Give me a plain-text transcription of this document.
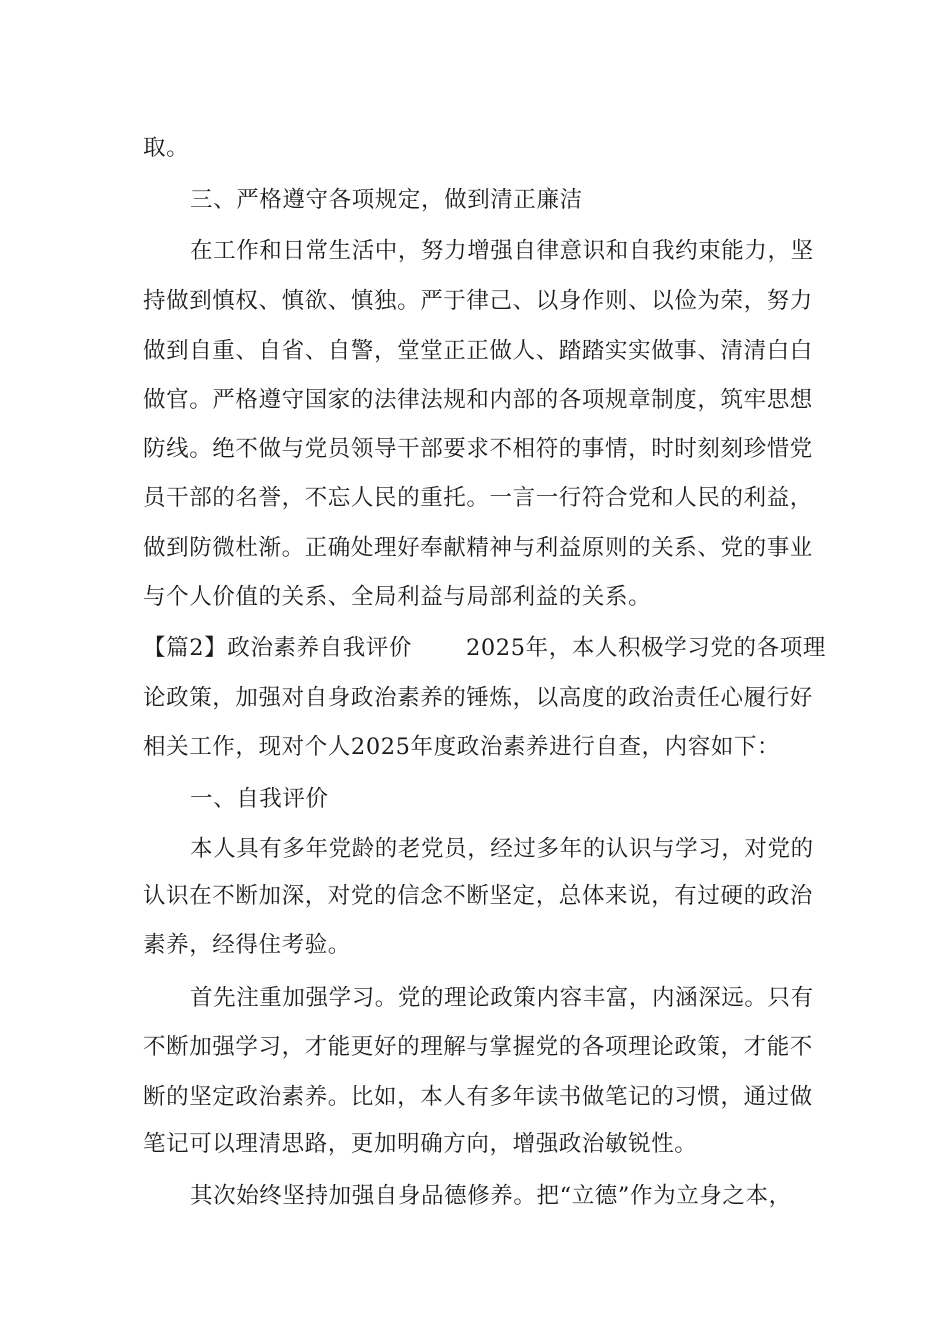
取。
三、严格遵守各项规定，做到清正廉洁
在工作和日常生活中，努力增强自律意识和自我约束能力，坚
持做到慎权、慎欲、慎独。严于律己、以身作则、以俭为荣，努力
做到自重、自省、自警，堂堂正正做人、踏踏实实做事、清清白白
做官。严格遵守国家的法律法规和内部的各项规章制度，筑牢思想
防线。绝不做与党员领导干部要求不相符的事情，时时刻刻珍惜党
员干部的名誉，不忘人民的重托。一言一行符合党和人民的利益，
做到防微杜渐。正确处理好奉献精神与利益原则的关系、党的事业
与个人价值的关系、全局利益与局部利益的关系。
【篇2】政治素养自我评价　　 2025年，本人积极学习党的各项理
论政策，加强对自身政治素养的锤炼，以高度的政治责任心履行好
相关工作，现对个人2025年度政治素养进行自查，内容如下：
一、自我评价
本人具有多年党龄的老党员，经过多年的认识与学习，对党的
认识在不断加深，对党的信念不断坚定，总体来说，有过硬的政治
素养，经得住考验。
首先注重加强学习。党的理论政策内容丰富，内涵深远。只有
不断加强学习，才能更好的理解与掌握党的各项理论政策，才能不
断的坚定政治素养。比如，本人有多年读书做笔记的习惯，通过做
笔记可以理清思路，更加明确方向，增强政治敏锐性。
其次始终坚持加强自身品德修养。把“立德”作为立身之本，
